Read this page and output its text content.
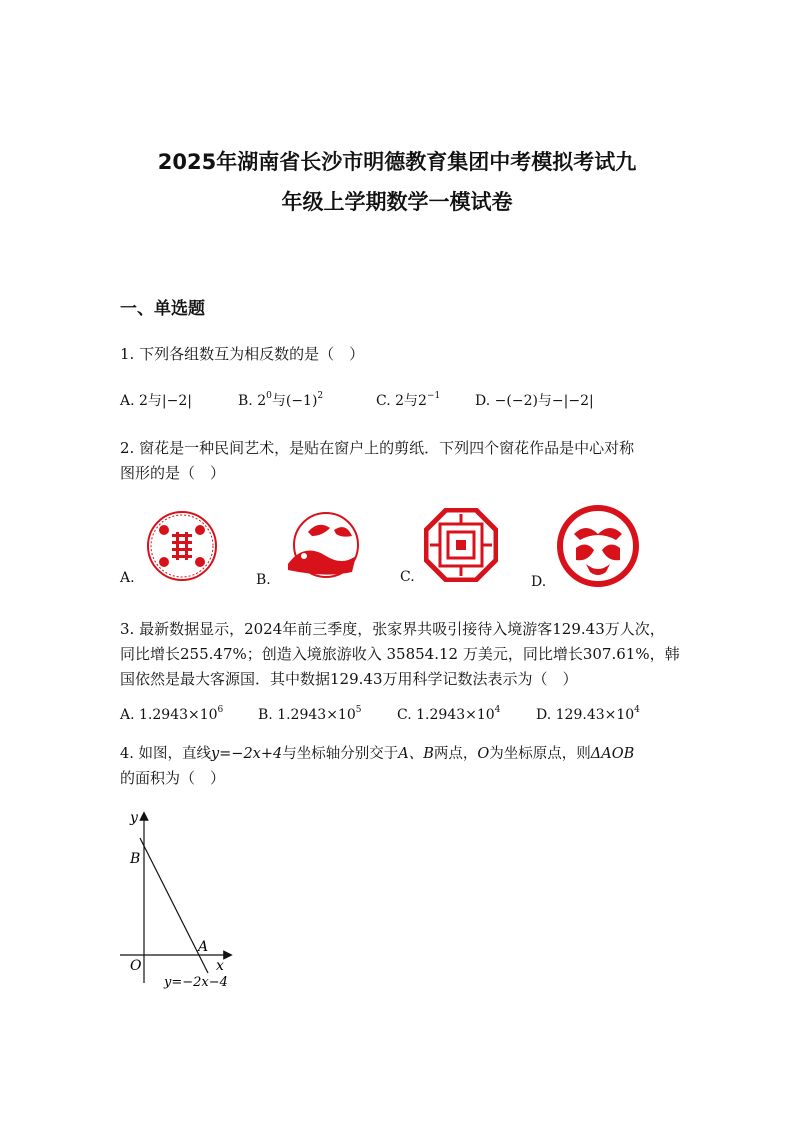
2025年湖南省长沙市明德教育集团中考模拟考试九
年级上学期数学一模试卷
一、单选题
1. 下列各组数互为相反数的是（　）
A. 2与|−2|	B. $2^0$与$(-1)^2$	C. 2与$2^{-1}$ D. −(−2)与−|−2|
2. 窗花是一种民间艺术，是贴在窗户上的剪纸．下列四个窗花作品是中心对称
图形的是（　）
A.	B.	C.	D.
3. 最新数据显示，2024年前三季度，张家界共吸引接待入境游客129.43万人次，
同比增长255.47%；创造入境旅游收入 35854.12 万美元，同比增长307.61%，韩
国依然是最大客源国．其中数据129.43万用科学记数法表示为（　）
A. $1.2943\times 10^6$ B. $1.2943\times 10^5$	C. $1.2943\times 10^4$	D. $129.43\times 10^4$
4. 如图，直线y=−2x+4与坐标轴分别交于A、B两点，O为坐标原点，则ΔAOB
的面积为（　）
y
x
B
A
O
y=−2x−4
